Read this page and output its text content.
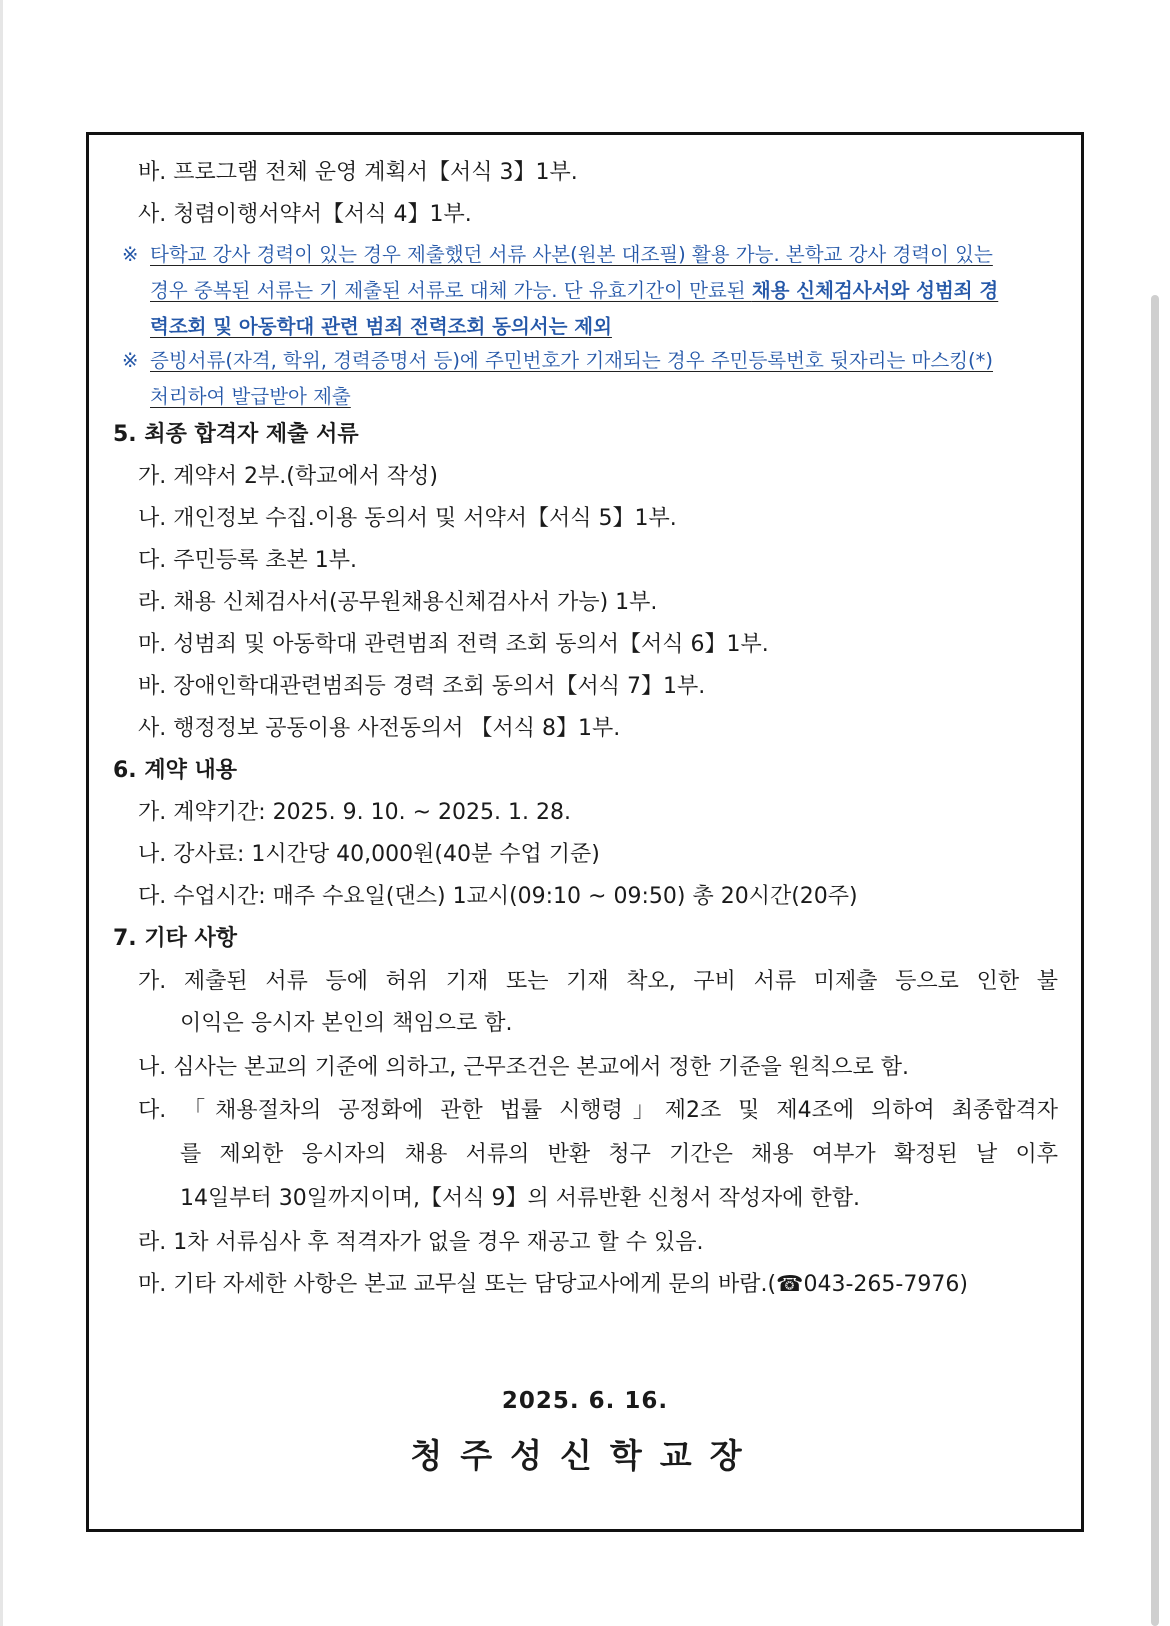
바. 프로그램 전체 운영 계획서【서식 3】1부.
사. 청렴이행서약서【서식 4】1부.
※ 타학교 강사 경력이 있는 경우 제출했던 서류 사본(원본 대조필) 활용 가능. 본학교 강사 경력이 있는
경우 중복된 서류는 기 제출된 서류로 대체 가능. 단 유효기간이 만료된 채용 신체검사서와 성범죄 경
력조회 및 아동학대 관련 범죄 전력조회 동의서는 제외
※ 증빙서류(자격, 학위, 경력증명서 등)에 주민번호가 기재되는 경우 주민등록번호 뒷자리는 마스킹(*)
처리하여 발급받아 제출
5. 최종 합격자 제출 서류
가. 계약서 2부.(학교에서 작성)
나. 개인정보 수집.이용 동의서 및 서약서【서식 5】1부.
다. 주민등록 초본 1부.
라. 채용 신체검사서(공무원채용신체검사서 가능) 1부.
마. 성범죄 및 아동학대 관련범죄 전력 조회 동의서【서식 6】1부.
바. 장애인학대관련범죄등 경력 조회 동의서【서식 7】1부.
사. 행정정보 공동이용 사전동의서 【서식 8】1부.
6. 계약 내용
가. 계약기간: 2025. 9. 10. ~ 2025. 1. 28.
나. 강사료: 1시간당 40,000원(40분 수업 기준)
다. 수업시간: 매주 수요일(댄스) 1교시(09:10 ~ 09:50) 총 20시간(20주)
7. 기타 사항
가. 제출된 서류 등에 허위 기재 또는 기재 착오, 구비 서류 미제출 등으로 인한 불
이익은 응시자 본인의 책임으로 함.
나. 심사는 본교의 기준에 의하고, 근무조건은 본교에서 정한 기준을 원칙으로 함.
다. 「채용절차의 공정화에 관한 법률 시행령」제2조 및 제4조에 의하여 최종합격자
를 제외한 응시자의 채용 서류의 반환 청구 기간은 채용 여부가 확정된 날 이후
14일부터 30일까지이며,【서식 9】의 서류반환 신청서 작성자에 한함.
라. 1차 서류심사 후 적격자가 없을 경우 재공고 할 수 있음.
마. 기타 자세한 사항은 본교 교무실 또는 담당교사에게 문의 바람.(☎043-265-7976)
2025. 6. 16.
청주성신학교장
